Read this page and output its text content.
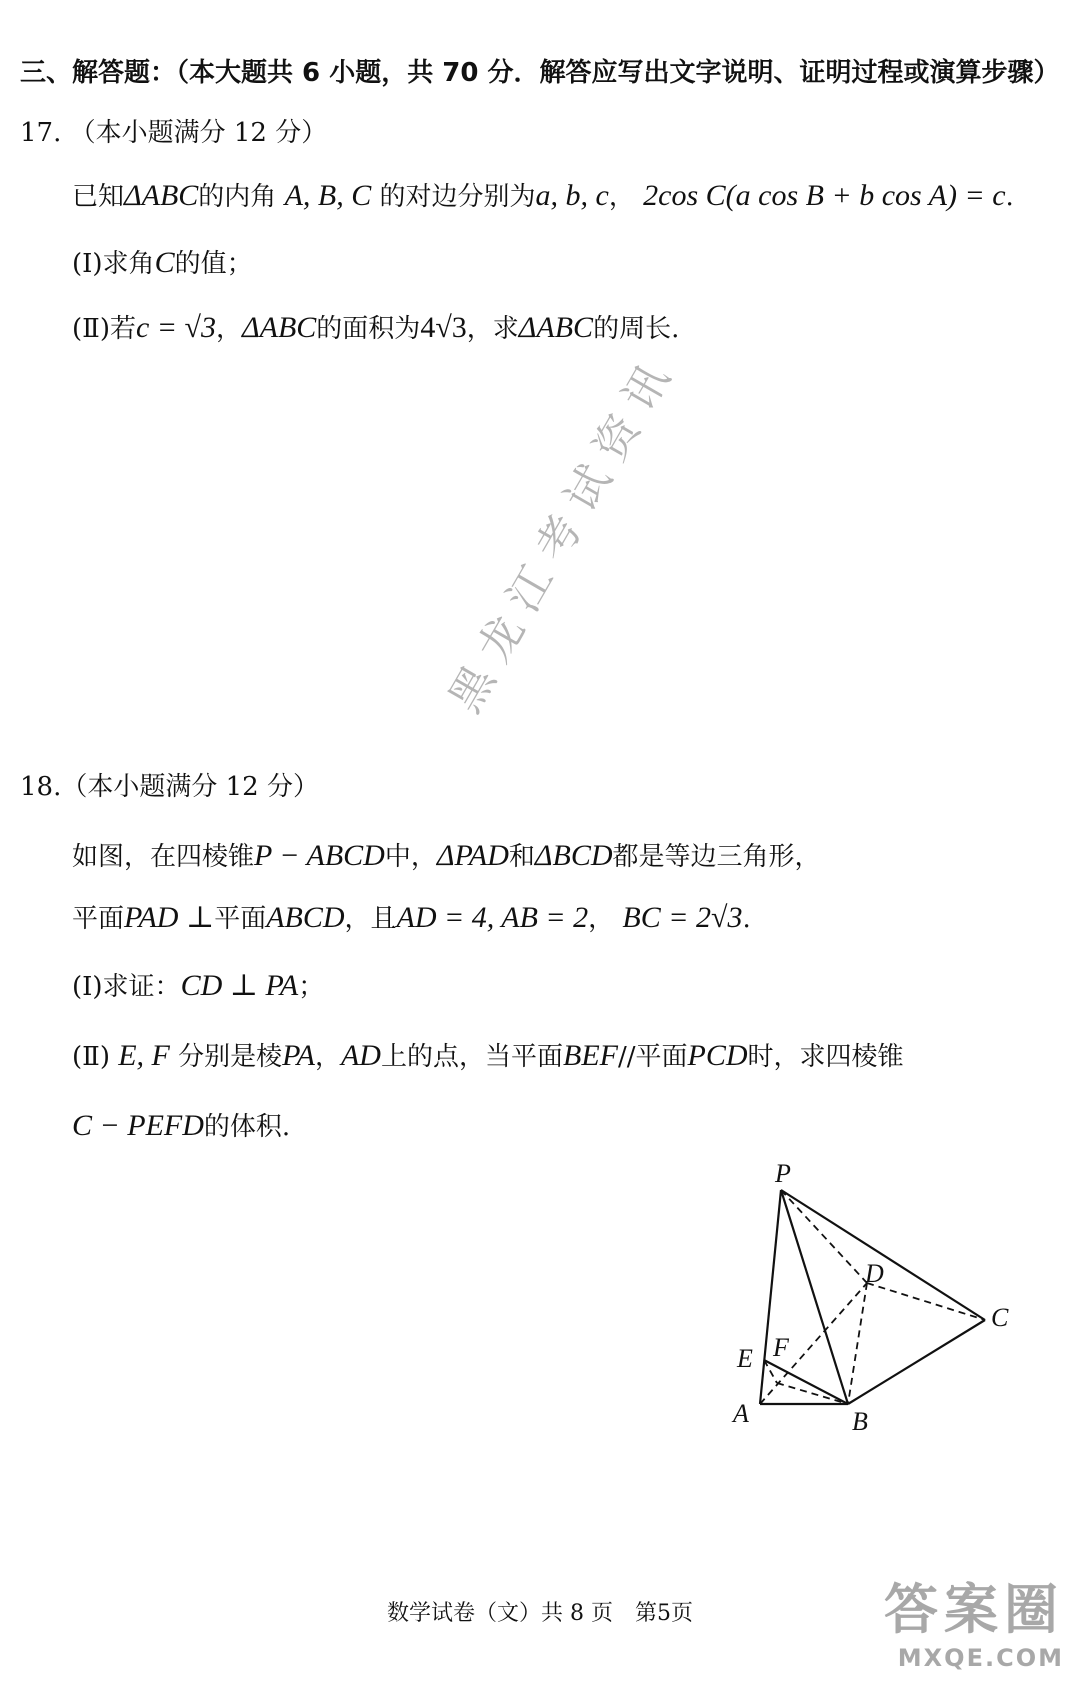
三、解答题：（本大题共 6 小题，共 70 分．解答应写出文字说明、证明过程或演算步骤）
17. （本小题满分 12 分）
已知ΔABC的内角 A, B, C 的对边分别为a, b, c， 2cos C(a cos B + b cos A) = c.
(Ⅰ)求角C的值；
(Ⅱ)若c = √3，ΔABC的面积为4√3，求ΔABC的周长.
18.（本小题满分 12 分）
如图，在四棱锥P − ABCD中，ΔPAD和ΔBCD都是等边三角形，
平面PAD ⊥平面ABCD，且AD = 4, AB = 2， BC = 2√3.
(Ⅰ)求证：CD ⊥ PA；
(Ⅱ) E, F 分别是棱PA，AD上的点，当平面BEF//平面PCD时，求四棱锥
C − PEFD的体积.
P
D
C
E F
A	B
黑龙江考试资讯
数学试卷（文）共 8 页　第5页	答案圈
MXQE.COM
